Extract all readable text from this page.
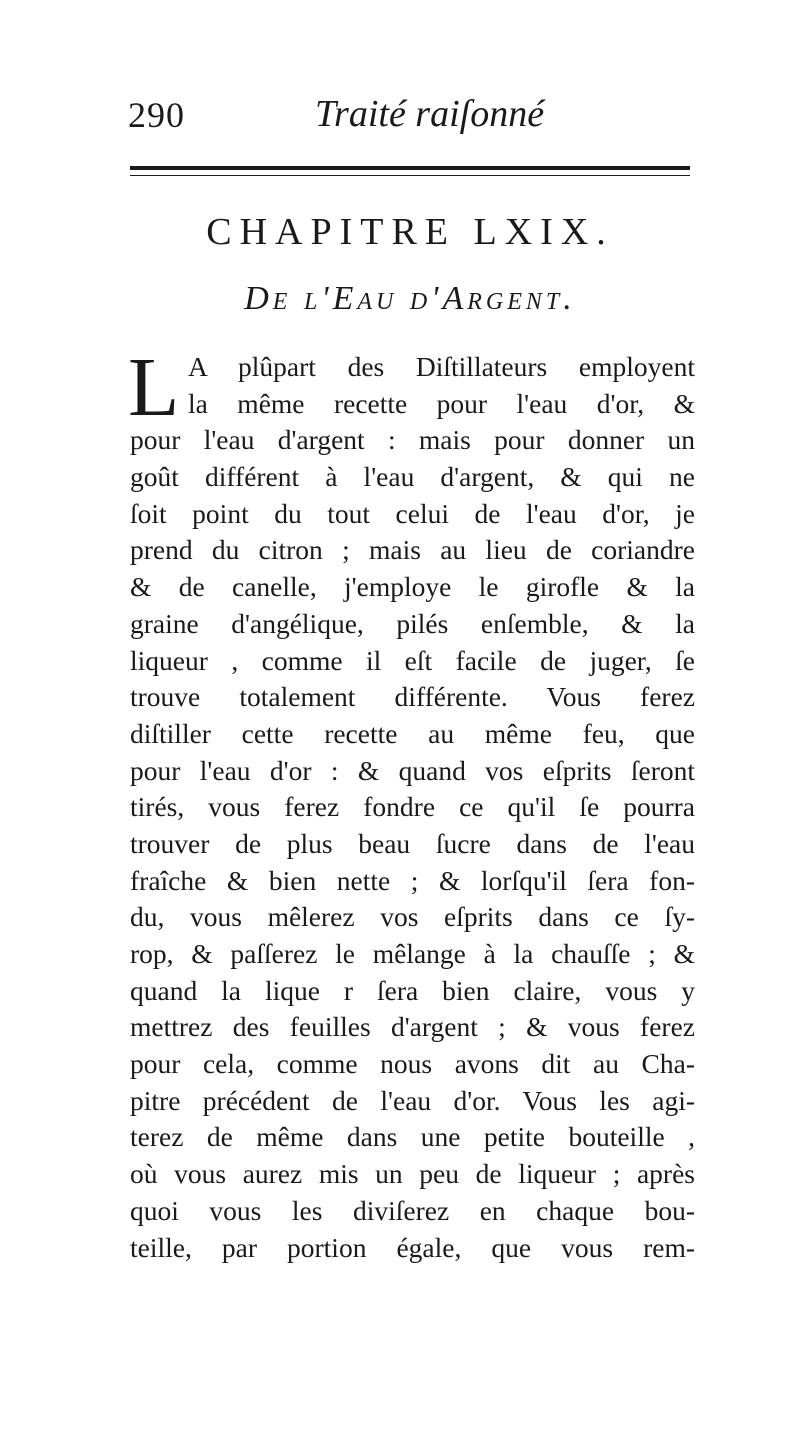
290	Traité raiſonné
CHAPITRE LXIX.
De l'Eau d'Argent.
L A plûpart des Diſtillateurs employent
la même recette pour l'eau d'or, &
pour l'eau d'argent : mais pour donner un
goût différent à l'eau d'argent, & qui ne
ſoit point du tout celui de l'eau d'or, je
prend du citron ; mais au lieu de coriandre
& de canelle, j'employe le girofle & la
graine d'angélique, pilés enſemble, & la
liqueur , comme il eſt facile de juger, ſe
trouve totalement différente. Vous ferez
diſtiller cette recette au même feu, que
pour l'eau d'or : & quand vos eſprits ſeront
tirés, vous ferez fondre ce qu'il ſe pourra
trouver de plus beau ſucre dans de l'eau
fraîche & bien nette ; & lorſqu'il ſera fon-
du, vous mêlerez vos eſprits dans ce ſy-
rop, & paſſerez le mêlange à la chauſſe ; &
quand la lique r ſera bien claire, vous y
mettrez des feuilles d'argent ; & vous ferez
pour cela, comme nous avons dit au Cha-
pitre précédent de l'eau d'or. Vous les agi-
terez de même dans une petite bouteille ,
où vous aurez mis un peu de liqueur ; après
quoi vous les diviſerez en chaque bou-
teille, par portion égale, que vous rem-
